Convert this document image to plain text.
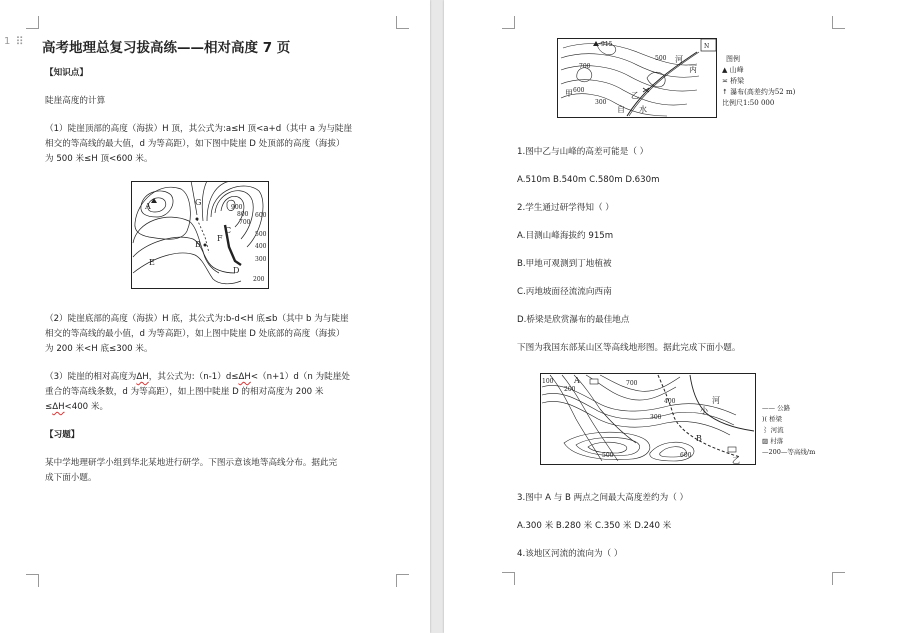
1 ⠿ 高考地理总复习拔高练——相对高度 7 页
【知识点】
陡崖高度的计算
（1）陡崖顶部的高度（海拔）H 顶，其公式为:a≤H 顶<a+d（其中 a 为与陡崖
相交的等高线的最大值，d 为等高距），如下图中陡崖 D 处顶部的高度（海拔）
为 500 米≤H 顶<600 米。
A	G
F
B
C
E
D
900
800
700
600
500
400
300
200
（2）陡崖底部的高度（海拔）H 底，其公式为:b-d<H 底≤b（其中 b 为与陡崖
相交的等高线的最小值，d 为等高距），如上图中陡崖 D 处底部的高度（海拔）
为 200 米<H 底≤300 米。
（3）陡崖的相对高度为ΔH，其公式为:（n-1）d≤ΔH<（n+1）d（n 为陡崖处
重合的等高线条数，d 为等高距），如上图中陡崖 D 的相对高度为 200 米
≤ΔH<400 米。
【习题】
某中学地理研学小组到华北某地进行研学。下图示意该地等高线分布。据此完
成下面小题。
N
915
500
600
700
300
甲	乙
丙
河
自 水
图例
▲ 山峰
≍ 桥梁
↟ 瀑布(高差约为52 m)
比例尺1:50 000
1.图中乙与山峰的高差可能是（ ）
A.510m B.540m C.580m D.630m
2.学生通过研学得知（ ）
A.目测山峰海拔约 915m
B.甲地可观测到丁地植被
C.丙地坡面径流流向西南
D.桥梁是欣赏瀑布的最佳地点
下图为我国东部某山区等高线地形图。据此完成下面小题。
100
200
300
400
500	600
700
A
B
乙
河
小	—— 公路
)( 桥梁
⌇ 河流
▨ 村落
—200—等高线/m
3.图中 A 与 B 两点之间最大高度差约为（ ）
A.300 米 B.280 米 C.350 米 D.240 米
4.该地区河流的流向为（ ）
